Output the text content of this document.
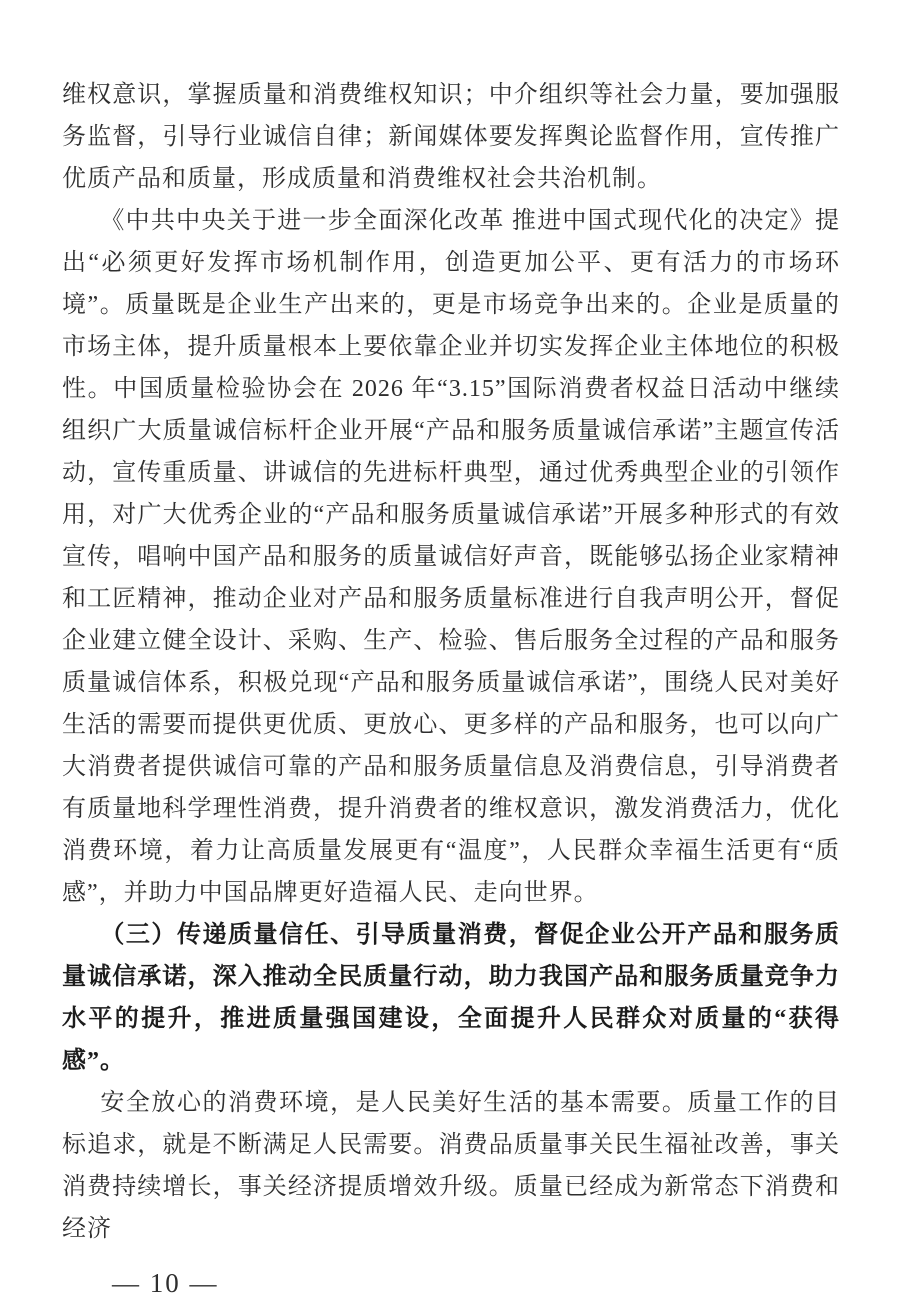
维权意识，掌握质量和消费维权知识；中介组织等社会力量，要加强服务监督，引导行业诚信自律；新闻媒体要发挥舆论监督作用，宣传推广优质产品和质量，形成质量和消费维权社会共治机制。

《中共中央关于进一步全面深化改革 推进中国式现代化的决定》提出“必须更好发挥市场机制作用，创造更加公平、更有活力的市场环境”。质量既是企业生产出来的，更是市场竞争出来的。企业是质量的市场主体，提升质量根本上要依靠企业并切实发挥企业主体地位的积极性。中国质量检验协会在 2026 年“3.15”国际消费者权益日活动中继续组织广大质量诚信标杆企业开展“产品和服务质量诚信承诺”主题宣传活动，宣传重质量、讲诚信的先进标杆典型，通过优秀典型企业的引领作用，对广大优秀企业的“产品和服务质量诚信承诺”开展多种形式的有效宣传，唱响中国产品和服务的质量诚信好声音，既能够弘扬企业家精神和工匠精神，推动企业对产品和服务质量标准进行自我声明公开，督促企业建立健全设计、采购、生产、检验、售后服务全过程的产品和服务质量诚信体系，积极兑现“产品和服务质量诚信承诺”，围绕人民对美好生活的需要而提供更优质、更放心、更多样的产品和服务，也可以向广大消费者提供诚信可靠的产品和服务质量信息及消费信息，引导消费者有质量地科学理性消费，提升消费者的维权意识，激发消费活力，优化消费环境，着力让高质量发展更有“温度”，人民群众幸福生活更有“质感”，并助力中国品牌更好造福人民、走向世界。

（三）传递质量信任、引导质量消费，督促企业公开产品和服务质量诚信承诺，深入推动全民质量行动，助力我国产品和服务质量竞争力水平的提升，推进质量强国建设，全面提升人民群众对质量的“获得感”。

安全放心的消费环境，是人民美好生活的基本需要。质量工作的目标追求，就是不断满足人民需要。消费品质量事关民生福祉改善，事关消费持续增长，事关经济提质增效升级。质量已经成为新常态下消费和经济

— 10 —
